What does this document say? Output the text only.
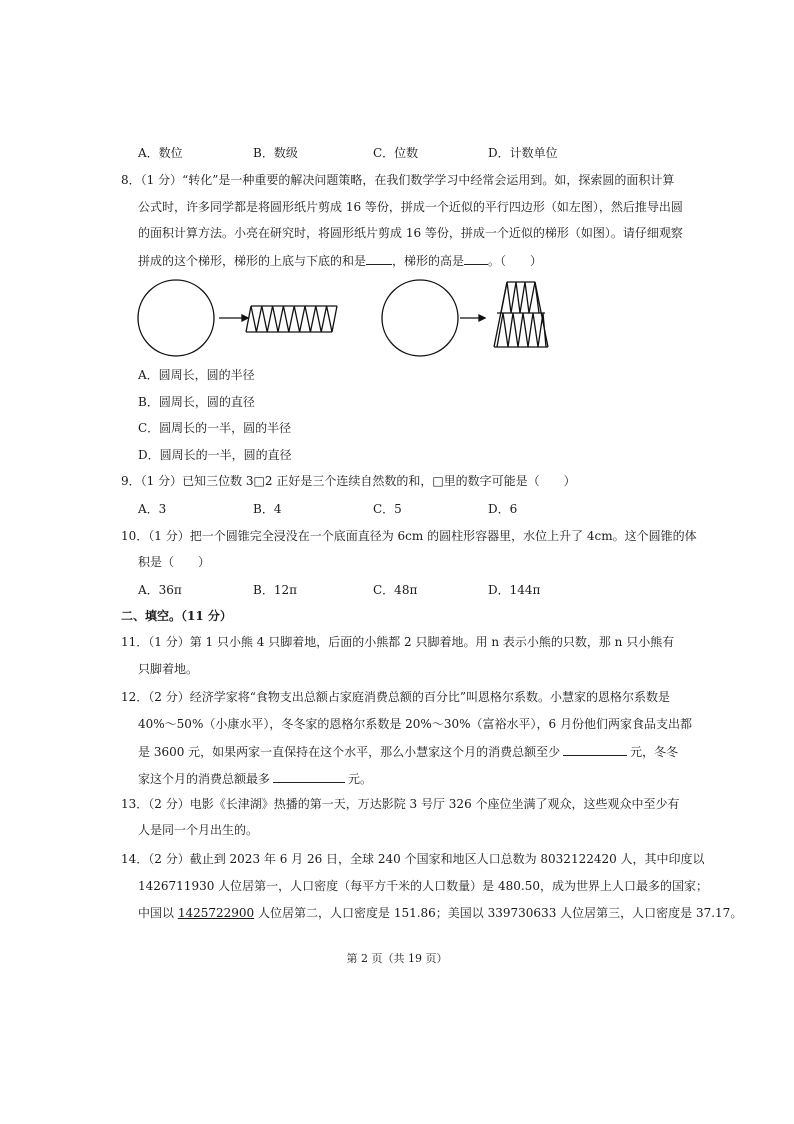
A．数位	B．数级	C．位数	D．计数单位
8．（1 分）“转化”是一种重要的解决问题策略，在我们数学学习中经常会运用到。如，探索圆的面积计算
公式时，许多同学都是将圆形纸片剪成 16 等份，拼成一个近似的平行四边形（如左图），然后推导出圆
的面积计算方法。小亮在研究时，将圆形纸片剪成 16 等份，拼成一个近似的梯形（如图）。请仔细观察
拼成的这个梯形，梯形的上底与下底的和是 ，梯形的高是 。（　　）
A．圆周长，圆的半径
B．圆周长，圆的直径
C．圆周长的一半，圆的半径
D．圆周长的一半，圆的直径
9．（1 分）已知三位数 3□2 正好是三个连续自然数的和，□里的数字可能是（　　）
A．3	B．4	C．5	D．6
10．（1 分）把一个圆锥完全浸没在一个底面直径为 6cm 的圆柱形容器里，水位上升了 4cm。这个圆锥的体
积是（　　）
A．36π	B．12π	C．48π	D．144π
二、填空。（11 分）
11．（1 分）第 1 只小熊 4 只脚着地，后面的小熊都 2 只脚着地。用 n 表示小熊的只数，那 n 只小熊有
只脚着地。
12．（2 分）经济学家将“食物支出总额占家庭消费总额的百分比”叫恩格尔系数。小慧家的恩格尔系数是
40%～50%（小康水平），冬冬家的恩格尔系数是 20%～30%（富裕水平），6 月份他们两家食品支出都
是 3600 元，如果两家一直保持在这个水平，那么小慧家这个月的消费总额至少	元，冬冬
家这个月的消费总额最多	元。
13．（2 分）电影《长津湖》热播的第一天，万达影院 3 号厅 326 个座位坐满了观众，这些观众中至少有
人是同一个月出生的。
14．（2 分）截止到 2023 年 6 月 26 日，全球 240 个国家和地区人口总数为 8032122420 人，其中印度以
1426711930 人位居第一，人口密度（每平方千米的人口数量）是 480.50，成为世界上人口最多的国家；
中国以 1425722900 人位居第二，人口密度是 151.86；美国以 339730633 人位居第三，人口密度是 37.17。
第 2 页（共 19 页）
